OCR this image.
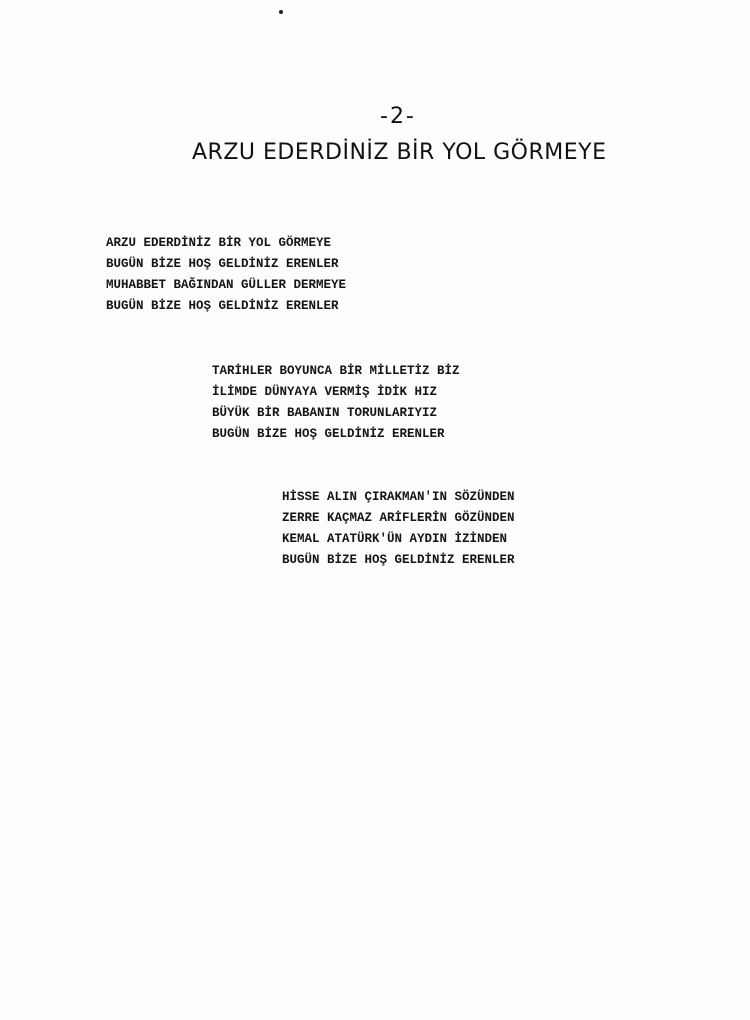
-2-
ARZU EDERDİNİZ BİR YOL GÖRMEYE
ARZU EDERDİNİZ BİR YOL GÖRMEYE
BUGÜN BİZE HOŞ GELDİNİZ ERENLER
MUHABBET BAĞINDAN GÜLLER DERMEYE
BUGÜN BİZE HOŞ GELDİNİZ ERENLER
TARİHLER BOYUNCA BİR MİLLETİZ BİZ
İLİMDE DÜNYAYA VERMİŞ İDİK HIZ
BÜYÜK BİR BABANIN TORUNLARIYIZ
BUGÜN BİZE HOŞ GELDİNİZ ERENLER
HİSSE ALIN ÇIRAKMAN'IN SÖZÜNDEN
ZERRE KAÇMAZ ARİFLERİN GÖZÜNDEN
KEMAL ATATÜRK'ÜN AYDIN İZİNDEN
BUGÜN BİZE HOŞ GELDİNİZ ERENLER
